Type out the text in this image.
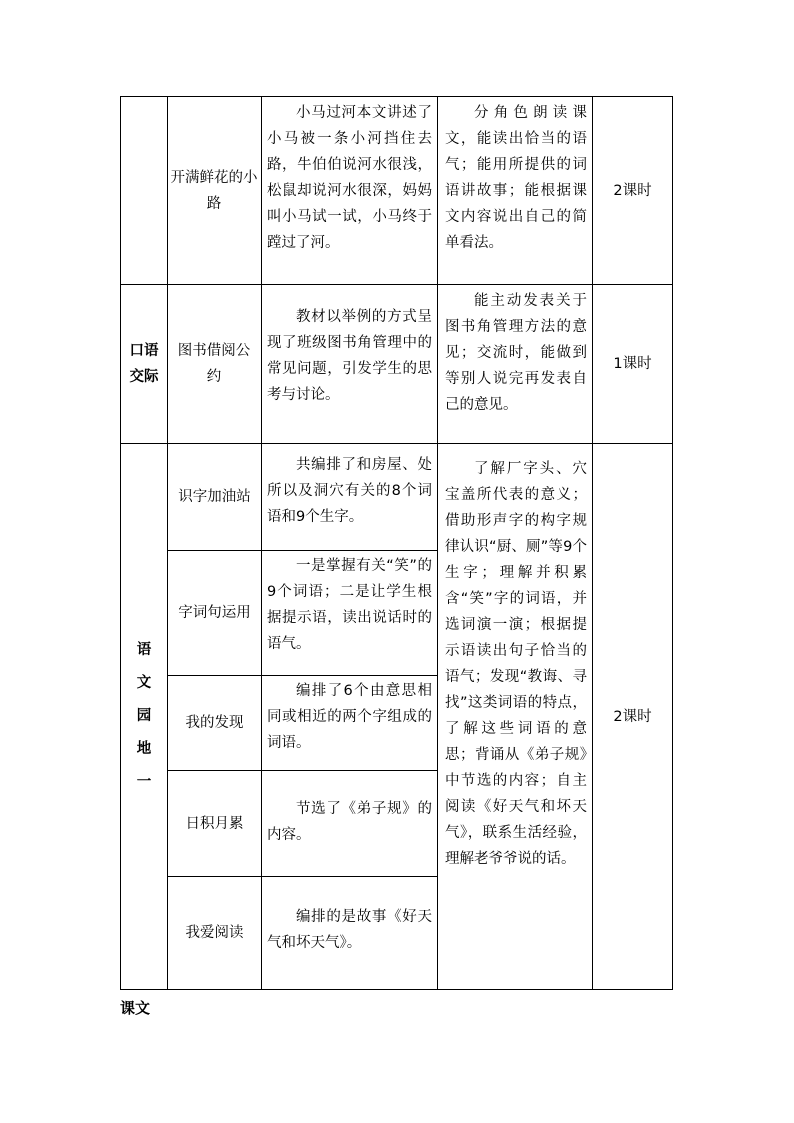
开满鲜花的小路
小马过河本文讲述了小马被一条小河挡住去路，牛伯伯说河水很浅，松鼠却说河水很深，妈妈叫小马试一试，小马终于蹚过了河。
分角色朗读课文，能读出恰当的语气；能用所提供的词语讲故事；能根据课文内容说出自己的简单看法。
2课时
口语交际
图书借阅公约
教材以举例的方式呈现了班级图书角管理中的常见问题，引发学生的思考与讨论。
能主动发表关于图书角管理方法的意见；交流时，能做到等别人说完再发表自己的意见。
1课时
语
文
园
地
一
识字加油站
共编排了和房屋、处所以及洞穴有关的8个词语和9个生字。
字词句运用
一是掌握有关“笑”的9个词语；二是让学生根据提示语，读出说话时的语气。
我的发现
编排了6个由意思相同或相近的两个字组成的词语。
日积月累
节选了《弟子规》的内容。
我爱阅读
编排的是故事《好天气和坏天气》。
了解厂字头、穴宝盖所代表的意义；借助形声字的构字规律认识“厨、厕”等9个生字；理解并积累含“笑”字的词语，并选词演一演；根据提示语读出句子恰当的语气；发现“教诲、寻找”这类词语的特点，了解这些词语的意思；背诵从《弟子规》中节选的内容；自主阅读《好天气和坏天气》，联系生活经验，理解老爷爷说的话。
2课时
课文
